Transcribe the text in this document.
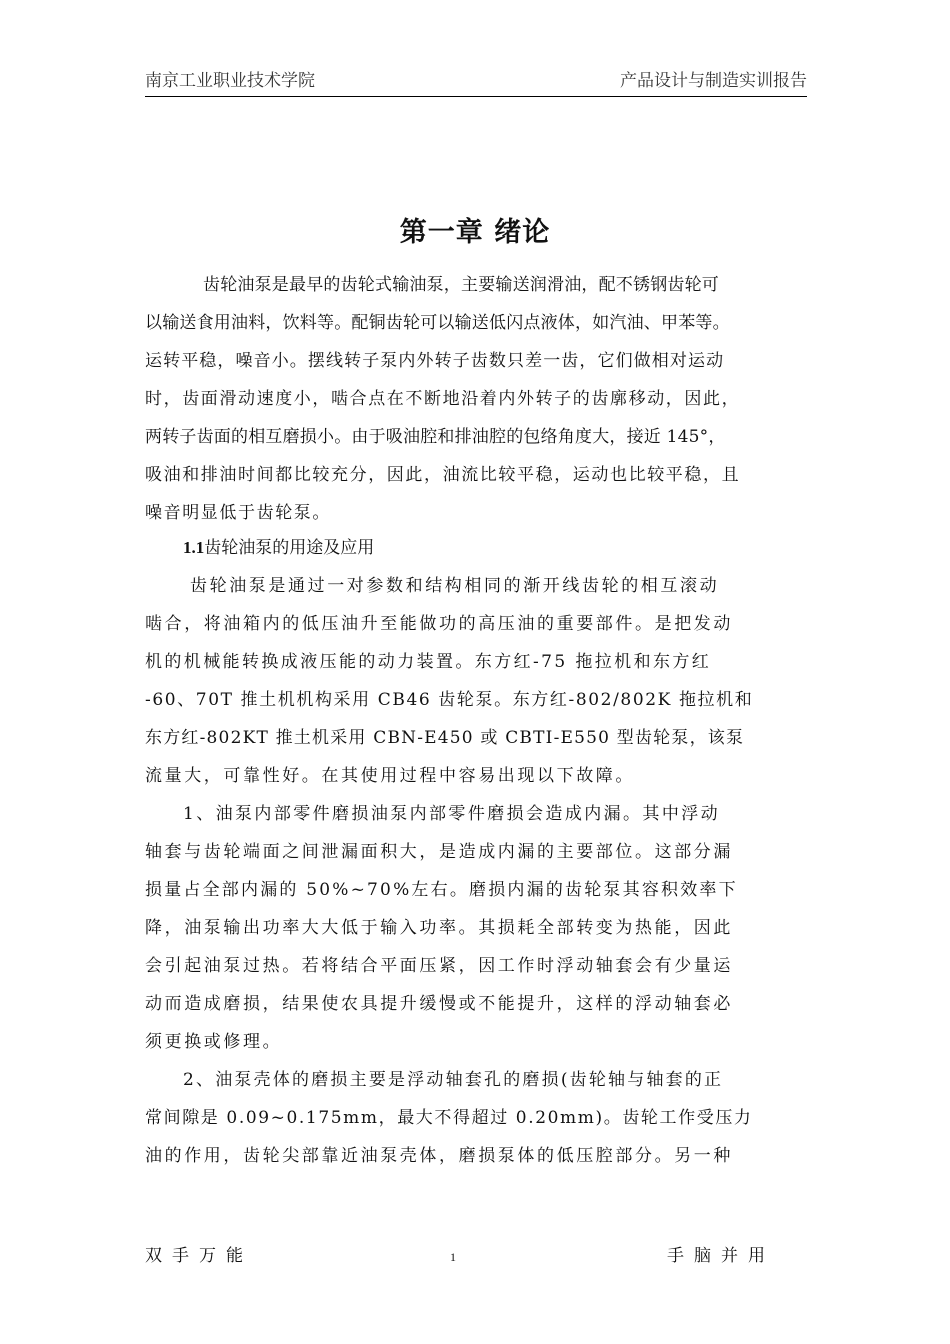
南京工业职业技术学院	产品设计与制造实训报告
第一章 绪论
齿轮油泵是最早的齿轮式输油泵，主要输送润滑油，配不锈钢齿轮可
以输送食用油料，饮料等。配铜齿轮可以输送低闪点液体，如汽油、甲苯等。
运转平稳，噪音小。摆线转子泵内外转子齿数只差一齿，它们做相对运动
时，齿面滑动速度小，啮合点在不断地沿着内外转子的齿廓移动，因此，
两转子齿面的相互磨损小。由于吸油腔和排油腔的包络角度大，接近 145°，
吸油和排油时间都比较充分，因此，油流比较平稳，运动也比较平稳，且
噪音明显低于齿轮泵。
1.1齿轮油泵的用途及应用
齿轮油泵是通过一对参数和结构相同的渐开线齿轮的相互滚动
啮合，将油箱内的低压油升至能做功的高压油的重要部件。是把发动
机的机械能转换成液压能的动力装置。东方红-75 拖拉机和东方红
-60、70T 推土机机构采用 CB46 齿轮泵。东方红-802/802K 拖拉机和
东方红-802KT 推土机采用 CBN-E450 或 CBTI-E550 型齿轮泵，该泵
流量大，可靠性好。在其使用过程中容易出现以下故障。
1、油泵内部零件磨损油泵内部零件磨损会造成内漏。其中浮动
轴套与齿轮端面之间泄漏面积大，是造成内漏的主要部位。这部分漏
损量占全部内漏的 50%~70%左右。磨损内漏的齿轮泵其容积效率下
降，油泵输出功率大大低于输入功率。其损耗全部转变为热能，因此
会引起油泵过热。若将结合平面压紧，因工作时浮动轴套会有少量运
动而造成磨损，结果使农具提升缓慢或不能提升，这样的浮动轴套必
须更换或修理。
2、油泵壳体的磨损主要是浮动轴套孔的磨损(齿轮轴与轴套的正
常间隙是 0.09~0.175mm，最大不得超过 0.20mm)。齿轮工作受压力
油的作用，齿轮尖部靠近油泵壳体，磨损泵体的低压腔部分。另一种
双手万能	1	手脑并用
